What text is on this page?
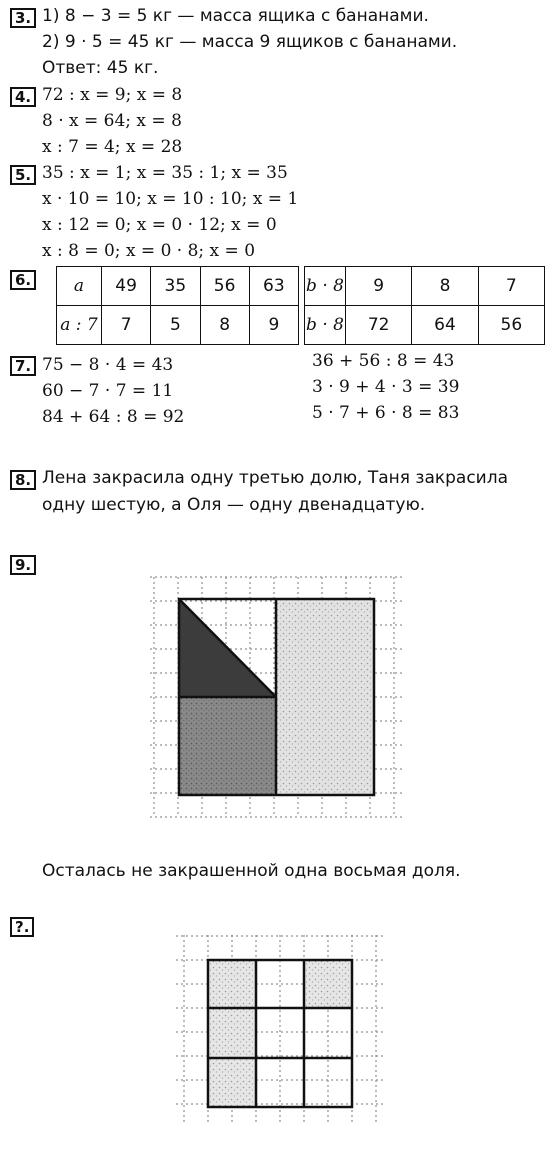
3. 1) 8 − 3 = 5 кг — масса ящика с бананами.
2) 9 · 5 = 45 кг — масса 9 ящиков с бананами.
Ответ: 45 кг.
4. 72 : x = 9; x = 8
8 · x = 64; x = 8
x : 7 = 4; x = 28
5. 35 : x = 1; x = 35 : 1; x = 35
x · 10 = 10; x = 10 : 10; x = 1
x : 12 = 0; x = 0 · 12; x = 0
x : 8 = 0; x = 0 · 8; x = 0
6.	a	49	35	56	63
a : 7	7	5	8	9
b · 8	9	8	7
b · 8	72	64	56
7. 75 − 8 · 4 = 43
60 − 7 · 7 = 11
84 + 64 : 8 = 92
36 + 56 : 8 = 43
3 · 9 + 4 · 3 = 39
5 · 7 + 6 · 8 = 83
8. Лена закрасила одну третью долю, Таня закрасила
одну шестую, а Оля — одну двенадцатую.
9.
Осталась не закрашенной одна восьмая доля.
?.
